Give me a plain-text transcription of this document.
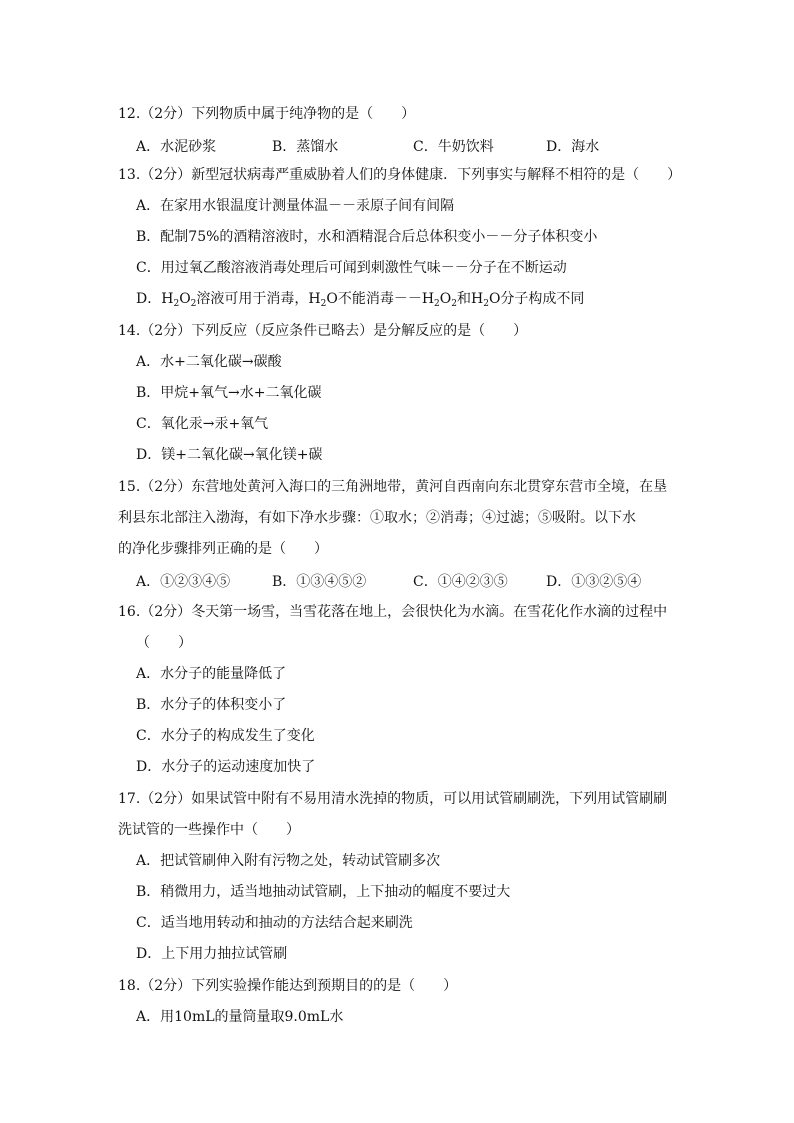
12.（2分）下列物质中属于纯净物的是（　　）
A．水泥砂浆	B．蒸馏水	C．牛奶饮料	D．海水
13.（2分）新型冠状病毒严重威胁着人们的身体健康．下列事实与解释不相符的是（　　）
A．在家用水银温度计测量体温－－汞原子间有间隔
B．配制75%的酒精溶液时，水和酒精混合后总体积变小－－分子体积变小
C．用过氧乙酸溶液消毒处理后可闻到刺激性气味－－分子在不断运动
D．$H_2O_2$溶液可用于消毒，$H_2O$不能消毒$--H_2O_2$和$H_2O$分子构成不同
14.（2分）下列反应（反应条件已略去）是分解反应的是（　　）
A．水+二氧化碳→碳酸
B．甲烷+氧气→水+二氧化碳
C．氧化汞→汞+氧气
D．镁+二氧化碳→氧化镁+碳
15.（2分）东营地处黄河入海口的三角洲地带，黄河自西南向东北贯穿东营市全境，在垦
利县东北部注入渤海，有如下净水步骤：①取水；②消毒；④过滤；⑤吸附。以下水
的净化步骤排列正确的是（　　）
A．①②③④⑤	B．①③④⑤②	C．①④②③⑤	D．①③②⑤④
16.（2分）冬天第一场雪，当雪花落在地上，会很快化为水滴。在雪花化作水滴的过程中
（　　）
A．水分子的能量降低了
B．水分子的体积变小了
C．水分子的构成发生了变化
D．水分子的运动速度加快了
17.（2分）如果试管中附有不易用清水洗掉的物质，可以用试管刷刷洗，下列用试管刷刷
洗试管的一些操作中（　　）
A．把试管刷伸入附有污物之处，转动试管刷多次
B．稍微用力，适当地抽动试管刷，上下抽动的幅度不要过大
C．适当地用转动和抽动的方法结合起来刷洗
D．上下用力抽拉试管刷
18.（2分）下列实验操作能达到预期目的的是（　　）
A．用10mL的量筒量取9.0mL水
